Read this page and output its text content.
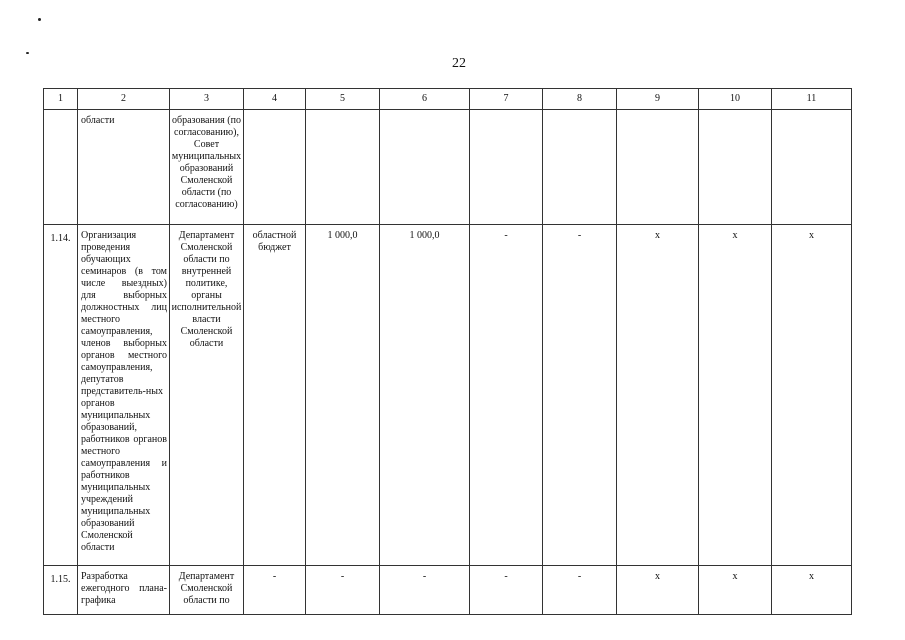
22
1	2	3	4	5	6	7	8	9	10	11
	области	образования (по согласованию), Совет муниципальных образований Смоленской области (по согласованию)								
1.14.	Организация проведения обучающих семинаров (в том числе выездных) для выборных должностных лиц местного самоуправления, членов выборных органов местного самоуправления, депутатов представитель-ных органов муниципальных образований, работников органов местного самоуправления и работников муниципальных учреждений муниципальных образований Смоленской области	Департамент Смоленской области по внутренней политике, органы исполнительной власти Смоленской области	областной бюджет	1 000,0	1 000,0	-	-	х	х	х
1.15.	Разработка ежегодного плана-графика	Департамент Смоленской области по	-	-	-	-	-	х	х	х
